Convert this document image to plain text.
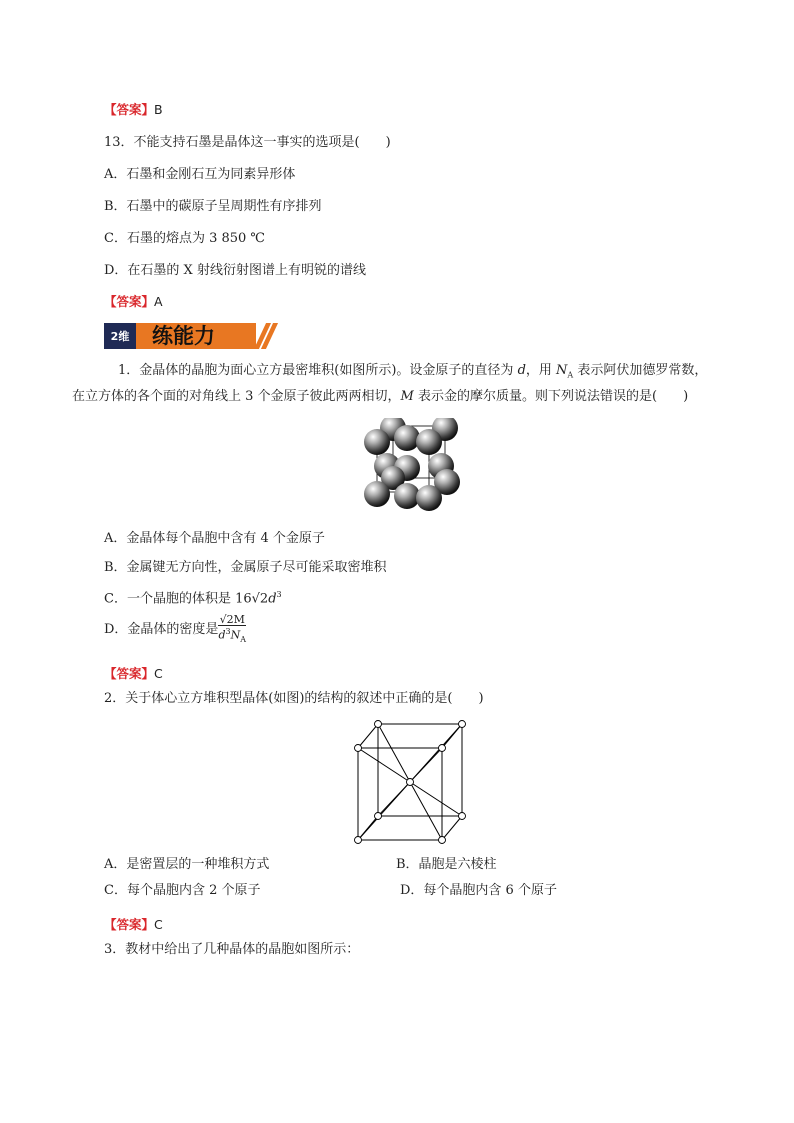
【答案】B
13．不能支持石墨是晶体这一事实的选项是(　　)
A．石墨和金刚石互为同素异形体
B．石墨中的碳原子呈周期性有序排列
C．石墨的熔点为 3 850 ℃
D．在石墨的 X 射线衍射图谱上有明锐的谱线
【答案】A
2维	练能力
1．金晶体的晶胞为面心立方最密堆积(如图所示)。设金原子的直径为 d，用 $N_A$ 表示阿伏加德罗常数，
在立方体的各个面的对角线上 3 个金原子彼此两两相切，M 表示金的摩尔质量。则下列说法错误的是(　　)
A．金晶体每个晶胞中含有 4 个金原子
B．金属键无方向性，金属原子尽可能采取密堆积
C．一个晶胞的体积是 $16√2d^3$
D．金晶体的密度是 $\frac{√2M}{d^3N_A}$
【答案】C
2．关于体心立方堆积型晶体(如图)的结构的叙述中正确的是(　　)
A．是密置层的一种堆积方式	B．晶胞是六棱柱
C．每个晶胞内含 2 个原子	D．每个晶胞内含 6 个原子
【答案】C
3．教材中给出了几种晶体的晶胞如图所示：
